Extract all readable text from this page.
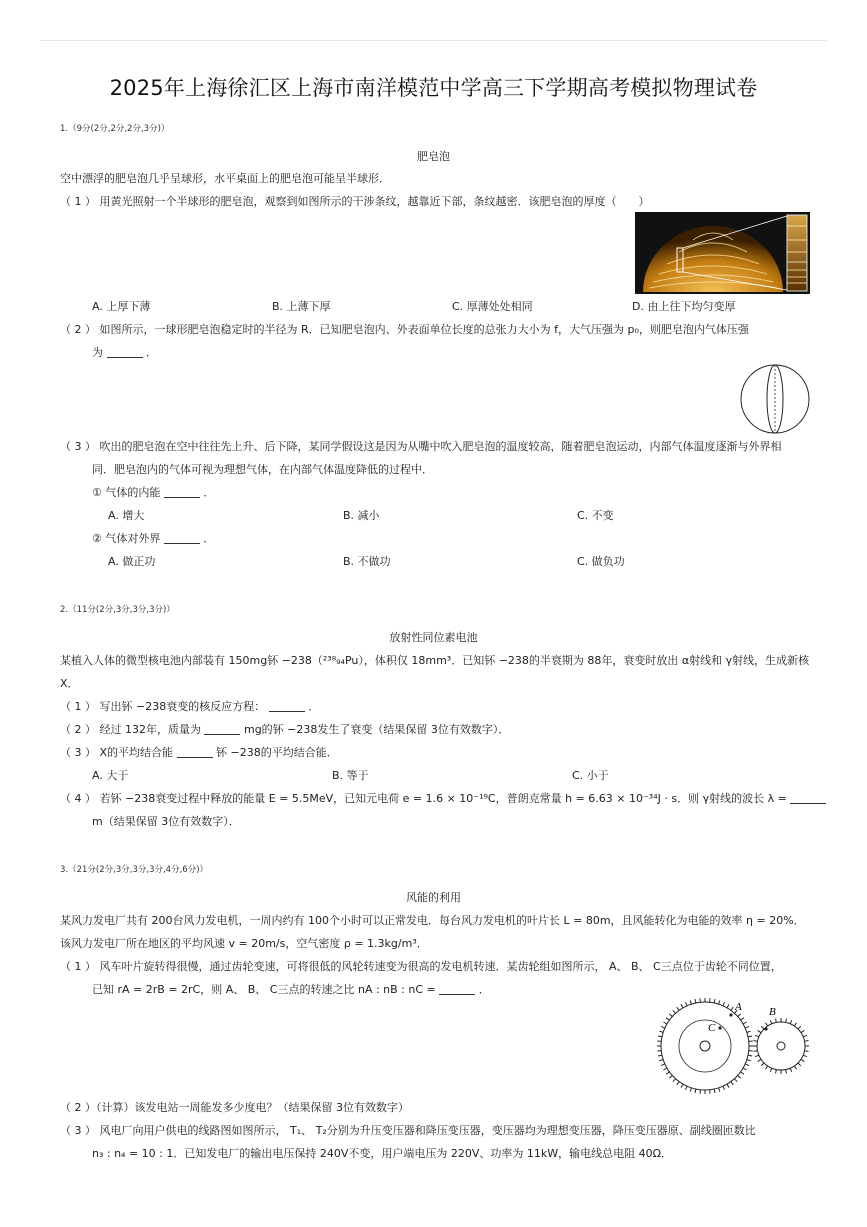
2025年上海徐汇区上海市南洋模范中学高三下学期高考模拟物理试卷
1.（9分(2分,2分,2分,3分)）
肥皂泡
空中漂浮的肥皂泡几乎呈球形，水平桌面上的肥皂泡可能呈半球形．
（ 1 ） 用黄光照射一个半球形的肥皂泡，观察到如图所示的干涉条纹，越靠近下部，条纹越密．该肥皂泡的厚度（　　）
A. 上厚下薄	B. 上薄下厚	C. 厚薄处处相同	D. 由上往下均匀变厚
（ 2 ） 如图所示，一球形肥皂泡稳定时的半径为 R．已知肥皂泡内、外表面单位长度的总张力大小为 f，大气压强为 p₀，则肥皂泡内气体压强
为	．
（ 3 ） 吹出的肥皂泡在空中往往先上升、后下降，某同学假设这是因为从嘴中吹入肥皂泡的温度较高，随着肥皂泡运动，内部气体温度逐渐与外界相
同．肥皂泡内的气体可视为理想气体，在内部气体温度降低的过程中．
① 气体的内能	．
A. 增大	B. 减小	C. 不变
② 气体对外界	．
A. 做正功	B. 不做功	C. 做负功
2.（11分(2分,3分,3分,3分)）
放射性同位素电池
某植入人体的微型核电池内部装有 150mg钚 −238（²³⁸₉₄Pu），体积仅 18mm³．已知钚 −238的半衰期为 88年，衰变时放出 α射线和 γ射线，生成新核
X．
（ 1 ） 写出钚 −238衰变的核反应方程：	．
（ 2 ） 经过 132年，质量为	mg的钚 −238发生了衰变（结果保留 3位有效数字）．
（ 3 ） X的平均结合能	钚 −238的平均结合能．
A. 大于	B. 等于	C. 小于
（ 4 ） 若钚 −238衰变过程中释放的能量 E = 5.5MeV，已知元电荷 e = 1.6 × 10⁻¹⁹C，普朗克常量 h = 6.63 × 10⁻³⁴J · s．则 γ射线的波长 λ =
m（结果保留 3位有效数字）．
3.（21分(2分,3分,3分,3分,4分,6分)）
风能的利用
某风力发电厂共有 200台风力发电机，一周内约有 100个小时可以正常发电．每台风力发电机的叶片长 L = 80m，且风能转化为电能的效率 η = 20%．
该风力发电厂所在地区的平均风速 v = 20m/s，空气密度 ρ = 1.3kg/m³．
（ 1 ） 风车叶片旋转得很慢，通过齿轮变速，可将很低的风轮转速变为很高的发电机转速．某齿轮组如图所示， A、 B、 C三点位于齿轮不同位置，
已知 rA = 2rB = 2rC，则 A、 B、 C三点的转速之比 nA : nB : nC =	．
A B
C
（ 2 ）（计算）该发电站一周能发多少度电？（结果保留 3位有效数字）
（ 3 ） 风电厂向用户供电的线路图如图所示， T₁、 T₂分别为升压变压器和降压变压器，变压器均为理想变压器，降压变压器原、副线圈匝数比
n₃ : n₄ = 10 : 1．已知发电厂的输出电压保持 240V不变，用户端电压为 220V、功率为 11kW，输电线总电阻 40Ω．
